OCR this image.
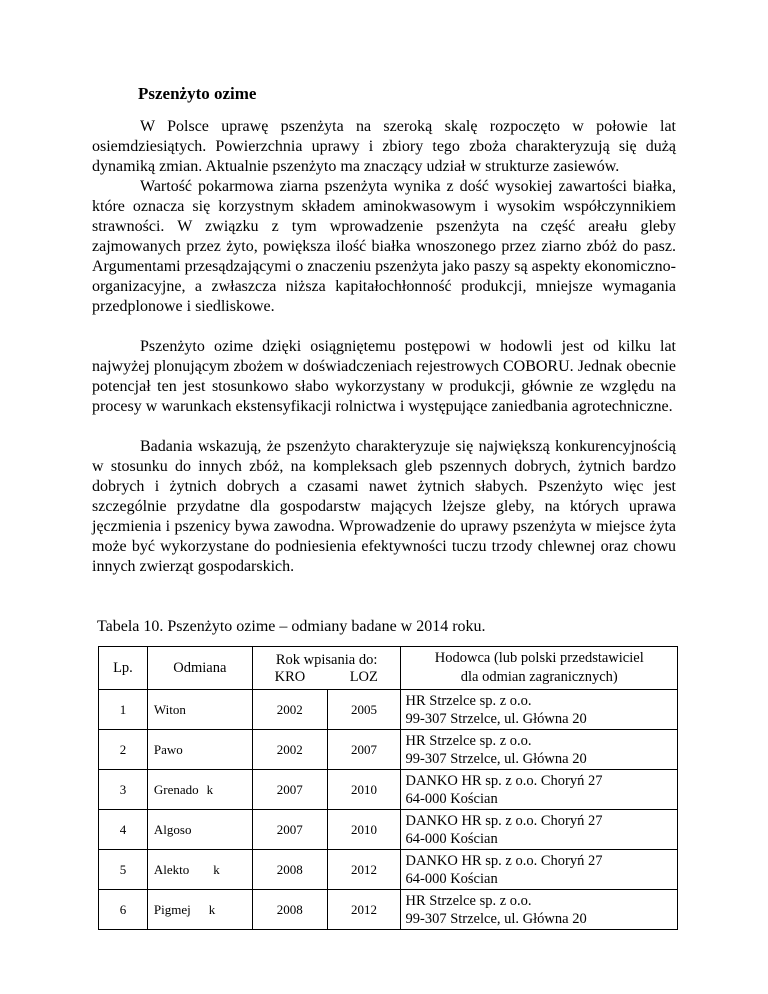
Pszenżyto ozime
W Polsce uprawę pszenżyta na szeroką skalę rozpoczęto w połowie lat osiemdziesiątych. Powierzchnia uprawy i zbiory tego zboża charakteryzują się dużą dynamiką zmian. Aktualnie pszenżyto ma znaczący udział w strukturze zasiewów.
Wartość pokarmowa ziarna pszenżyta wynika z dość wysokiej zawartości białka, które oznacza się korzystnym składem aminokwasowym i wysokim współczynnikiem strawności. W związku z tym wprowadzenie pszenżyta na część areału gleby zajmowanych przez żyto, powiększa ilość białka wnoszonego przez ziarno zbóż do pasz. Argumentami przesądzającymi o znaczeniu pszenżyta jako paszy są aspekty ekonomiczno-organizacyjne, a zwłaszcza niższa kapitałochłonność produkcji, mniejsze wymagania przedplonowe i siedliskowe.
Pszenżyto ozime dzięki osiągniętemu postępowi w hodowli jest od kilku lat najwyżej plonującym zbożem w doświadczeniach rejestrowych COBORU. Jednak obecnie potencjał ten jest stosunkowo słabo wykorzystany w produkcji, głównie ze względu na procesy w warunkach ekstensyfikacji rolnictwa i występujące zaniedbania agrotechniczne.
Badania wskazują, że pszenżyto charakteryzuje się największą konkurencyjnością w stosunku do innych zbóż, na kompleksach gleb pszennych dobrych, żytnich bardzo dobrych i żytnich dobrych a czasami nawet żytnich słabych. Pszenżyto więc jest szczególnie przydatne dla gospodarstw mających lżejsze gleby, na których uprawa jęczmienia i pszenicy bywa zawodna. Wprowadzenie do uprawy pszenżyta w miejsce żyta może być wykorzystane do podniesienia efektywności tuczu trzody chlewnej oraz chowu innych zwierząt gospodarskich.
Tabela 10. Pszenżyto ozime – odmiany badane w 2014 roku.
Lp.	Odmiana	Rok wpisania do:		Hodowca (lub polski przedstawiciel
dla odmian zagranicznych)

		KRO	LOZ	
1	Witon	2002	2005	HR Strzelce sp. z o.o.
99-307 Strzelce, ul. Główna 20

2	Pawo	2002	2007	HR Strzelce sp. z o.o.
99-307 Strzelce, ul. Główna 20

3	Grenado k	2007	2010	DANKO HR sp. z o.o. Choryń 27
64-000 Kościan

4	Algoso	2007	2010	DANKO HR sp. z o.o. Choryń 27
64-000 Kościan

5	Alekto k	2008	2012	DANKO HR sp. z o.o. Choryń 27
64-000 Kościan

6	Pigmej k	2008	2012	HR Strzelce sp. z o.o.
99-307 Strzelce, ul. Główna 20
